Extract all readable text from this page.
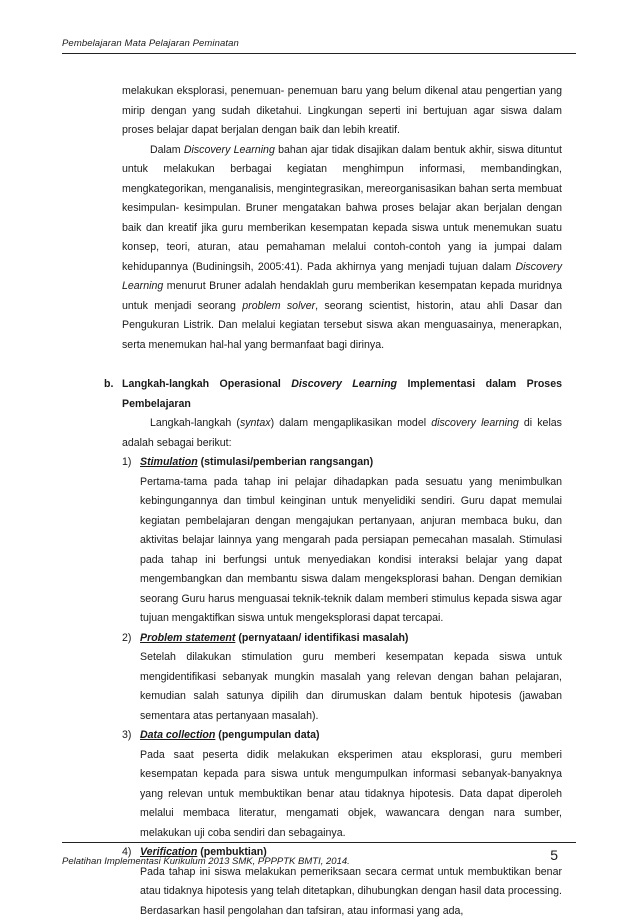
Pembelajaran Mata Pelajaran Peminatan

melakukan eksplorasi, penemuan- penemuan baru yang belum dikenal atau pengertian yang mirip dengan yang sudah diketahui. Lingkungan seperti ini bertujuan agar siswa dalam proses belajar dapat berjalan dengan baik dan lebih kreatif.

Dalam Discovery Learning bahan ajar tidak disajikan dalam bentuk akhir, siswa dituntut untuk melakukan berbagai kegiatan menghimpun informasi, membandingkan, mengkategorikan, menganalisis, mengintegrasikan, mereorganisasikan bahan serta membuat kesimpulan- kesimpulan. Bruner mengatakan bahwa proses belajar akan berjalan dengan baik dan kreatif jika guru memberikan kesempatan kepada siswa untuk menemukan suatu konsep, teori, aturan, atau pemahaman melalui contoh-contoh yang ia jumpai dalam kehidupannya (Budiningsih, 2005:41). Pada akhirnya yang menjadi tujuan dalam Discovery Learning menurut Bruner adalah hendaklah guru memberikan kesempatan kepada muridnya untuk menjadi seorang problem solver, seorang scientist, historin, atau ahli Dasar dan Pengukuran Listrik. Dan melalui kegiatan tersebut siswa akan menguasainya, menerapkan, serta menemukan hal-hal yang bermanfaat bagi dirinya.

b. Langkah-langkah Operasional Discovery Learning Implementasi dalam Proses Pembelajaran

Langkah-langkah (syntax) dalam mengaplikasikan model discovery learning di kelas adalah sebagai berikut:

1) Stimulation (stimulasi/pemberian rangsangan)

Pertama-tama pada tahap ini pelajar dihadapkan pada sesuatu yang menimbulkan kebingungannya dan timbul keinginan untuk menyelidiki sendiri. Guru dapat memulai kegiatan pembelajaran dengan mengajukan pertanyaan, anjuran membaca buku, dan aktivitas belajar lainnya yang mengarah pada persiapan pemecahan masalah. Stimulasi pada tahap ini berfungsi untuk menyediakan kondisi interaksi belajar yang dapat mengembangkan dan membantu siswa dalam mengeksplorasi bahan. Dengan demikian seorang Guru harus menguasai teknik-teknik dalam memberi stimulus kepada siswa agar tujuan mengaktifkan siswa untuk mengeksplorasi dapat tercapai.

2) Problem statement (pernyataan/ identifikasi masalah)

Setelah dilakukan stimulation guru memberi kesempatan kepada siswa untuk mengidentifikasi sebanyak mungkin masalah yang relevan dengan bahan pelajaran, kemudian salah satunya dipilih dan dirumuskan dalam bentuk hipotesis (jawaban sementara atas pertanyaan masalah).

3) Data collection (pengumpulan data)

Pada saat peserta didik melakukan eksperimen atau eksplorasi, guru memberi kesempatan kepada para siswa untuk mengumpulkan informasi sebanyak-banyaknya yang relevan untuk membuktikan benar atau tidaknya hipotesis. Data dapat diperoleh melalui membaca literatur, mengamati objek, wawancara dengan nara sumber, melakukan uji coba sendiri dan sebagainya.

4) Verification (pembuktian)

Pada tahap ini siswa melakukan pemeriksaan secara cermat untuk membuktikan benar atau tidaknya hipotesis yang telah ditetapkan, dihubungkan dengan hasil data processing. Berdasarkan hasil pengolahan dan tafsiran, atau informasi yang ada,

Pelatihan Implementasi Kurikulum 2013 SMK, PPPPTK BMTI, 2014.	5
